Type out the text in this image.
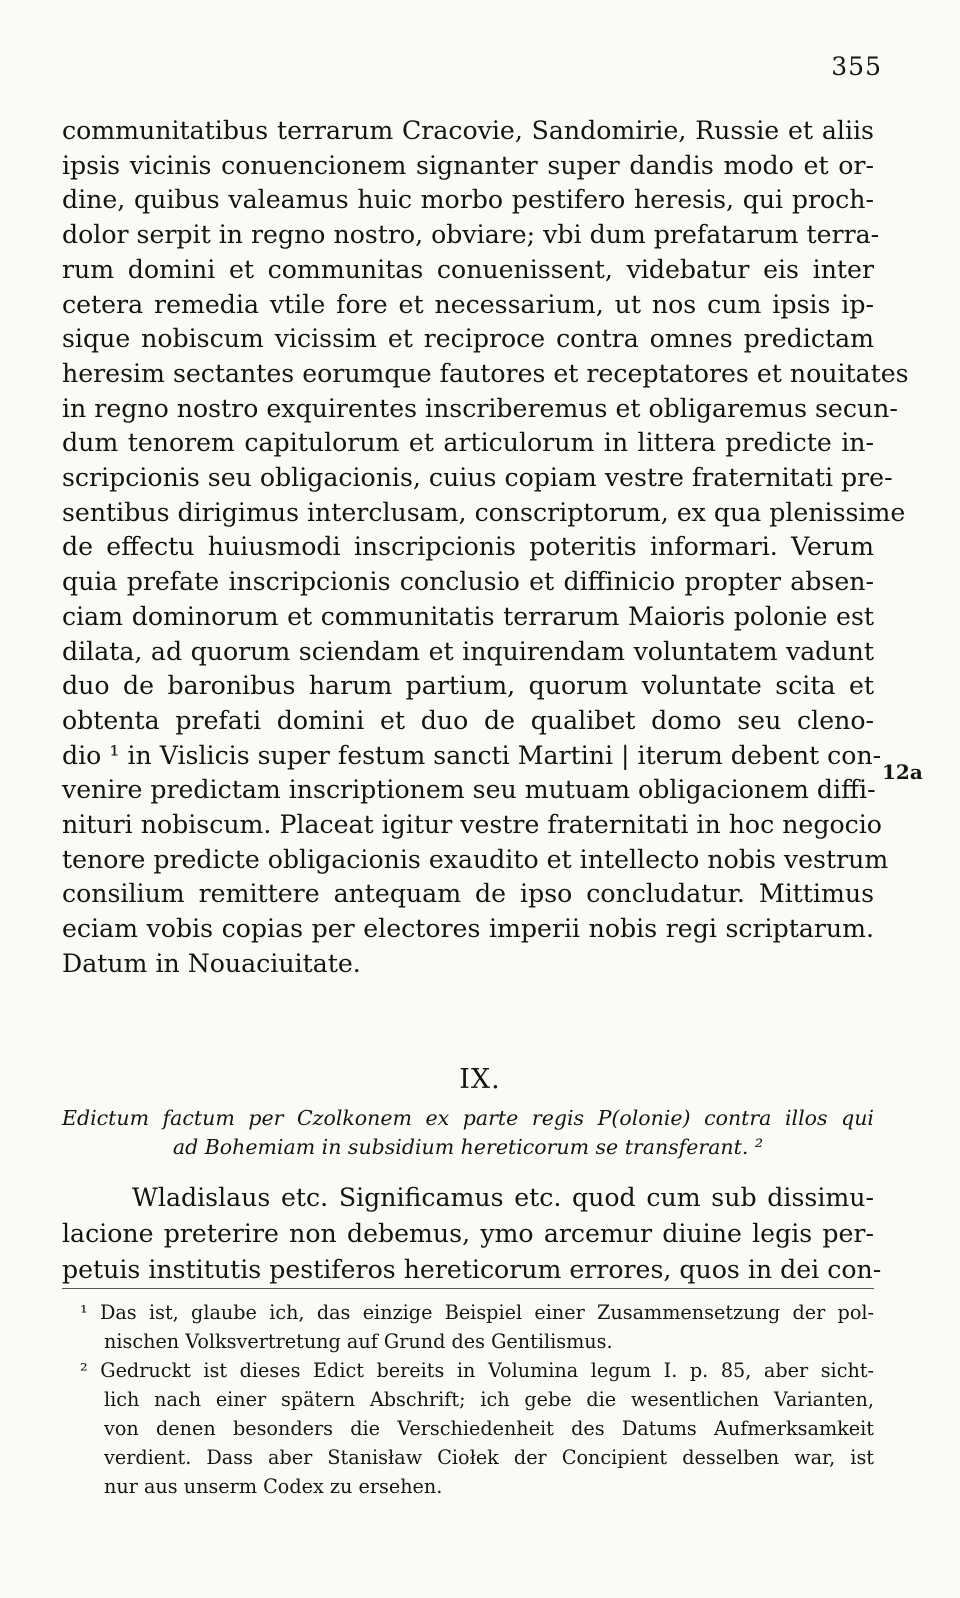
355
communitatibus terrarum Cracovie, Sandomirie, Russie et aliis
ipsis vicinis conuencionem signanter super dandis modo et or-
dine, quibus valeamus huic morbo pestifero heresis, qui proch-
dolor serpit in regno nostro, obviare; vbi dum prefatarum terra-
rum domini et communitas conuenissent, videbatur eis inter
cetera remedia vtile fore et necessarium, ut nos cum ipsis ip-
sique nobiscum vicissim et reciproce contra omnes predictam
heresim sectantes eorumque fautores et receptatores et nouitates
in regno nostro exquirentes inscriberemus et obligaremus secun-
dum tenorem capitulorum et articulorum in littera predicte in-
scripcionis seu obligacionis, cuius copiam vestre fraternitati pre-
sentibus dirigimus interclusam, conscriptorum, ex qua plenissime
de effectu huiusmodi inscripcionis poteritis informari. Verum
quia prefate inscripcionis conclusio et diffinicio propter absen-
ciam dominorum et communitatis terrarum Maioris polonie est
dilata, ad quorum sciendam et inquirendam voluntatem vadunt
duo de baronibus harum partium, quorum voluntate scita et
obtenta prefati domini et duo de qualibet domo seu cleno-
dio ¹ in Vislicis super festum sancti Martini | iterum debent con-
venire predictam inscriptionem seu mutuam obligacionem diffi-
nituri nobiscum. Placeat igitur vestre fraternitati in hoc negocio
tenore predicte obligacionis exaudito et intellecto nobis vestrum
consilium remittere antequam de ipso concludatur. Mittimus
eciam vobis copias per electores imperii nobis regi scriptarum.
Datum in Nouaciuitate.
12a
IX.
Edictum factum per Czolkonem ex parte regis P(olonie) contra illos qui
ad Bohemiam in subsidium hereticorum se transferant. ²
Wladislaus etc. Significamus etc. quod cum sub dissimu-
lacione preterire non debemus, ymo arcemur diuine legis per-
petuis institutis pestiferos hereticorum errores, quos in dei con-
¹ Das ist, glaube ich, das einzige Beispiel einer Zusammensetzung der pol-
nischen Volksvertretung auf Grund des Gentilismus.
² Gedruckt ist dieses Edict bereits in Volumina legum I. p. 85, aber sicht-
lich nach einer spätern Abschrift; ich gebe die wesentlichen Varianten,
von denen besonders die Verschiedenheit des Datums Aufmerksamkeit
verdient. Dass aber Stanisław Ciołek der Concipient desselben war, ist
nur aus unserm Codex zu ersehen.
